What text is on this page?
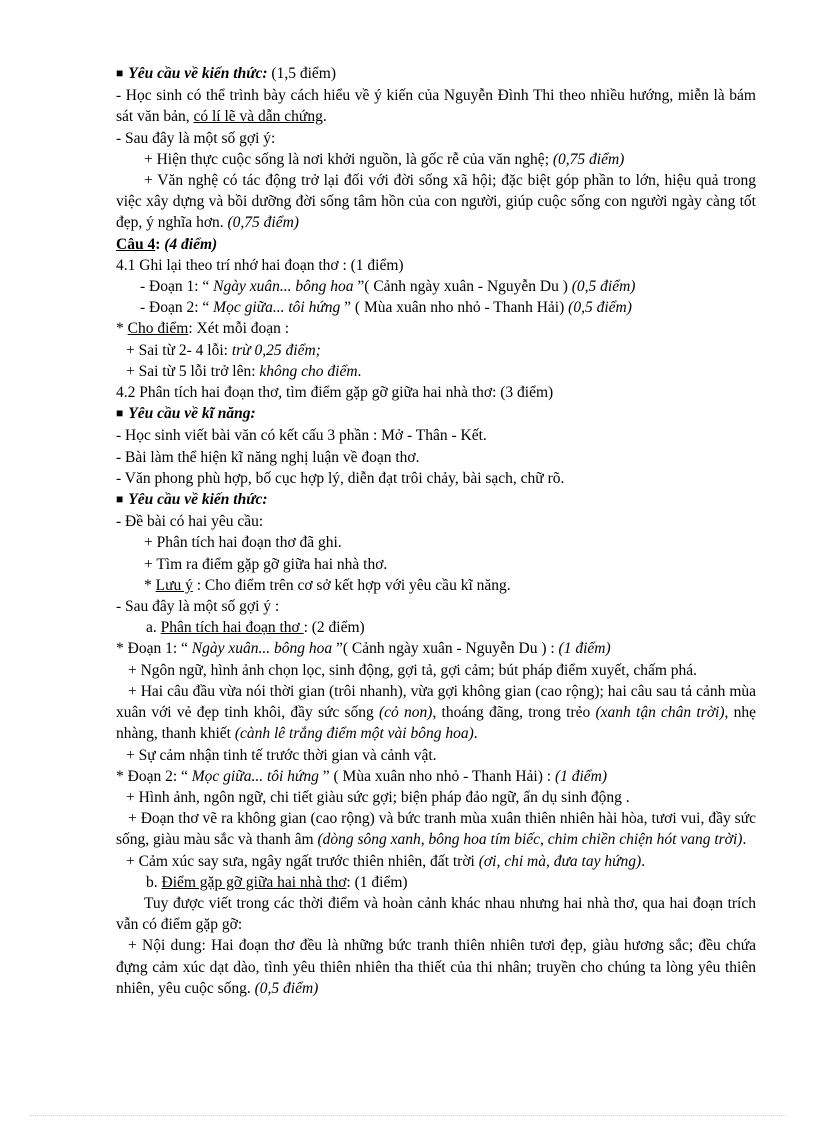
■ Yêu cầu về kiến thức: (1,5 điểm)
- Học sinh có thể trình bày cách hiểu về ý kiến của Nguyễn Đình Thi theo nhiều hướng, miễn là bám sát văn bản, có lí lẽ và dẫn chứng.
- Sau đây là một số gợi ý:
+ Hiện thực cuộc sống là nơi khởi nguồn, là gốc rễ của văn nghệ; (0,75 điểm)
+ Văn nghệ có tác động trở lại đối với đời sống xã hội; đặc biệt góp phần to lớn, hiệu quả trong việc xây dựng và bồi dưỡng đời sống tâm hồn của con người, giúp cuộc sống con người ngày càng tốt đẹp, ý nghĩa hơn. (0,75 điểm)
Câu 4: (4 điểm)
4.1 Ghi lại theo trí nhớ hai đoạn thơ : (1 điểm)
- Đoạn 1: “ Ngày xuân... bông hoa ”( Cảnh ngày xuân - Nguyễn Du ) (0,5 điểm)
- Đoạn 2: “ Mọc giữa... tôi hứng ” ( Mùa xuân nho nhỏ - Thanh Hải) (0,5 điểm)
* Cho điểm: Xét mỗi đoạn :
+ Sai từ 2- 4 lỗi: trừ 0,25 điểm;
+ Sai từ 5 lỗi trở lên: không cho điểm.
4.2 Phân tích hai đoạn thơ, tìm điểm gặp gỡ giữa hai nhà thơ: (3 điểm)
■ Yêu cầu về kĩ năng:
- Học sinh viết bài văn có kết cấu 3 phần : Mở - Thân - Kết.
- Bài làm thể hiện kĩ năng nghị luận về đoạn thơ.
- Văn phong phù hợp, bố cục hợp lý, diễn đạt trôi chảy, bài sạch, chữ rõ.
■ Yêu cầu về kiến thức:
- Đề bài có hai yêu cầu:
+ Phân tích hai đoạn thơ đã ghi.
+ Tìm ra điểm gặp gỡ giữa hai nhà thơ.
* Lưu ý : Cho điểm trên cơ sở kết hợp với yêu cầu kĩ năng.
- Sau đây là một số gợi ý :
a. Phân tích hai đoạn thơ : (2 điểm)
* Đoạn 1: “ Ngày xuân... bông hoa ”( Cảnh ngày xuân - Nguyễn Du ) : (1 điểm)
+ Ngôn ngữ, hình ảnh chọn lọc, sinh động, gợi tả, gợi cảm; bút pháp điểm xuyết, chấm phá.
+ Hai câu đầu vừa nói thời gian (trôi nhanh), vừa gợi không gian (cao rộng); hai câu sau tả cảnh mùa xuân với vẻ đẹp tinh khôi, đầy sức sống (cỏ non), thoáng đãng, trong trẻo (xanh tận chân trời), nhẹ nhàng, thanh khiết (cành lê trắng điểm một vài bông hoa).
+ Sự cảm nhận tinh tế trước thời gian và cảnh vật.
* Đoạn 2: “ Mọc giữa... tôi hứng ” ( Mùa xuân nho nhỏ - Thanh Hải) : (1 điểm)
+ Hình ảnh, ngôn ngữ, chi tiết giàu sức gợi; biện pháp đảo ngữ, ẩn dụ sinh động .
+ Đoạn thơ vẽ ra không gian (cao rộng) và bức tranh mùa xuân thiên nhiên hài hòa, tươi vui, đầy sức sống, giàu màu sắc và thanh âm (dòng sông xanh, bông hoa tím biếc, chim chiền chiện hót vang trời).
+ Cảm xúc say sưa, ngây ngất trước thiên nhiên, đất trời (ơi, chi mà, đưa tay hứng).
b. Điểm gặp gỡ giữa hai nhà thơ: (1 điểm)
Tuy được viết trong các thời điểm và hoàn cảnh khác nhau nhưng hai nhà thơ, qua hai đoạn trích vẫn có điểm gặp gỡ:
+ Nội dung: Hai đoạn thơ đều là những bức tranh thiên nhiên tươi đẹp, giàu hương sắc; đều chứa đựng cảm xúc dạt dào, tình yêu thiên nhiên tha thiết của thi nhân; truyền cho chúng ta lòng yêu thiên nhiên, yêu cuộc sống. (0,5 điểm)
